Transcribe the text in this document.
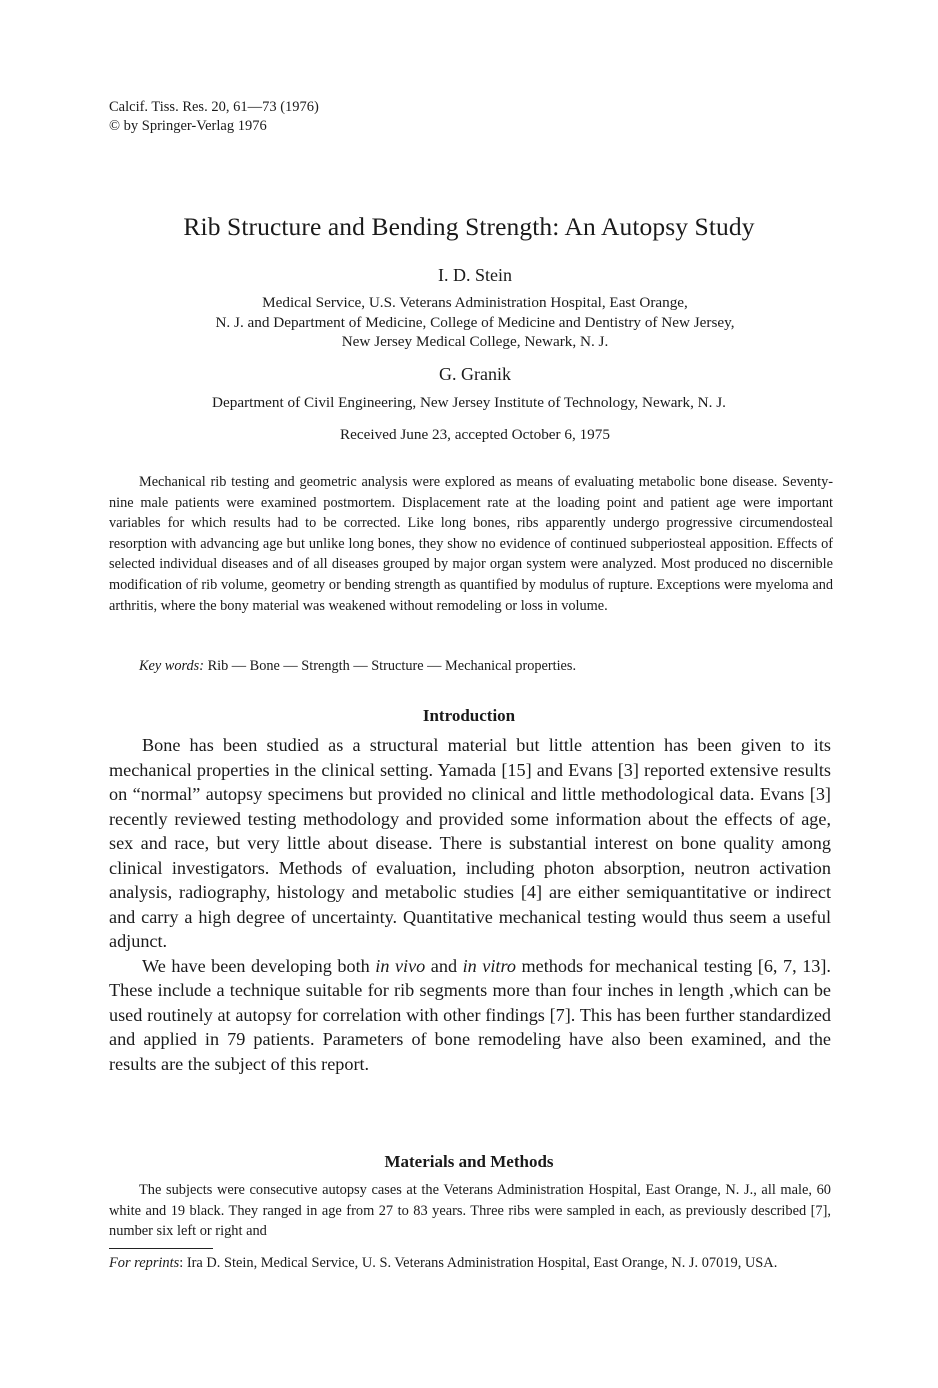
Calcif. Tiss. Res. 20, 61—73 (1976)
© by Springer-Verlag 1976
Rib Structure and Bending Strength: An Autopsy Study
I. D. Stein
Medical Service, U.S. Veterans Administration Hospital, East Orange,
N. J. and Department of Medicine, College of Medicine and Dentistry of New Jersey,
New Jersey Medical College, Newark, N. J.
G. Granik
Department of Civil Engineering, New Jersey Institute of Technology, Newark, N. J.
Received June 23, accepted October 6, 1975

Mechanical rib testing and geometric analysis were explored as means of evaluating metabolic bone disease. Seventy-nine male patients were examined postmortem. Displacement rate at the loading point and patient age were important variables for which results had to be corrected. Like long bones, ribs apparently undergo progressive circumendosteal resorption with advancing age but unlike long bones, they show no evidence of continued subperiosteal apposition. Effects of selected individual diseases and of all diseases grouped by major organ system were analyzed. Most produced no discernible modification of rib volume, geometry or bending strength as quantified by modulus of rupture. Exceptions were myeloma and arthritis, where the bony material was weakened without remodeling or loss in volume.

Key words: Rib — Bone — Strength — Structure — Mechanical properties.
Introduction

Bone has been studied as a structural material but little attention has been given to its mechanical properties in the clinical setting. Yamada [15] and Evans [3] reported extensive results on “normal” autopsy specimens but provided no clinical and little methodological data. Evans [3] recently reviewed testing methodology and provided some information about the effects of age, sex and race, but very little about disease. There is substantial interest on bone quality among clinical investigators. Methods of evaluation, including photon absorption, neutron activation analysis, radiography, histology and metabolic studies [4] are either semiquantitative or indirect and carry a high degree of uncertainty. Quantitative mechanical testing would thus seem a useful adjunct.

We have been developing both in vivo and in vitro methods for mechanical testing [6, 7, 13]. These include a technique suitable for rib segments more than four inches in length ,which can be used routinely at autopsy for correlation with other findings [7]. This has been further standardized and applied in 79 patients. Parameters of bone remodeling have also been examined, and the results are the subject of this report.

Materials and Methods

The subjects were consecutive autopsy cases at the Veterans Administration Hospital, East Orange, N. J., all male, 60 white and 19 black. They ranged in age from 27 to 83 years. Three ribs were sampled in each, as previously described [7], number six left or right and

For reprints: Ira D. Stein, Medical Service, U. S. Veterans Administration Hospital, East Orange, N. J. 07019, USA.
